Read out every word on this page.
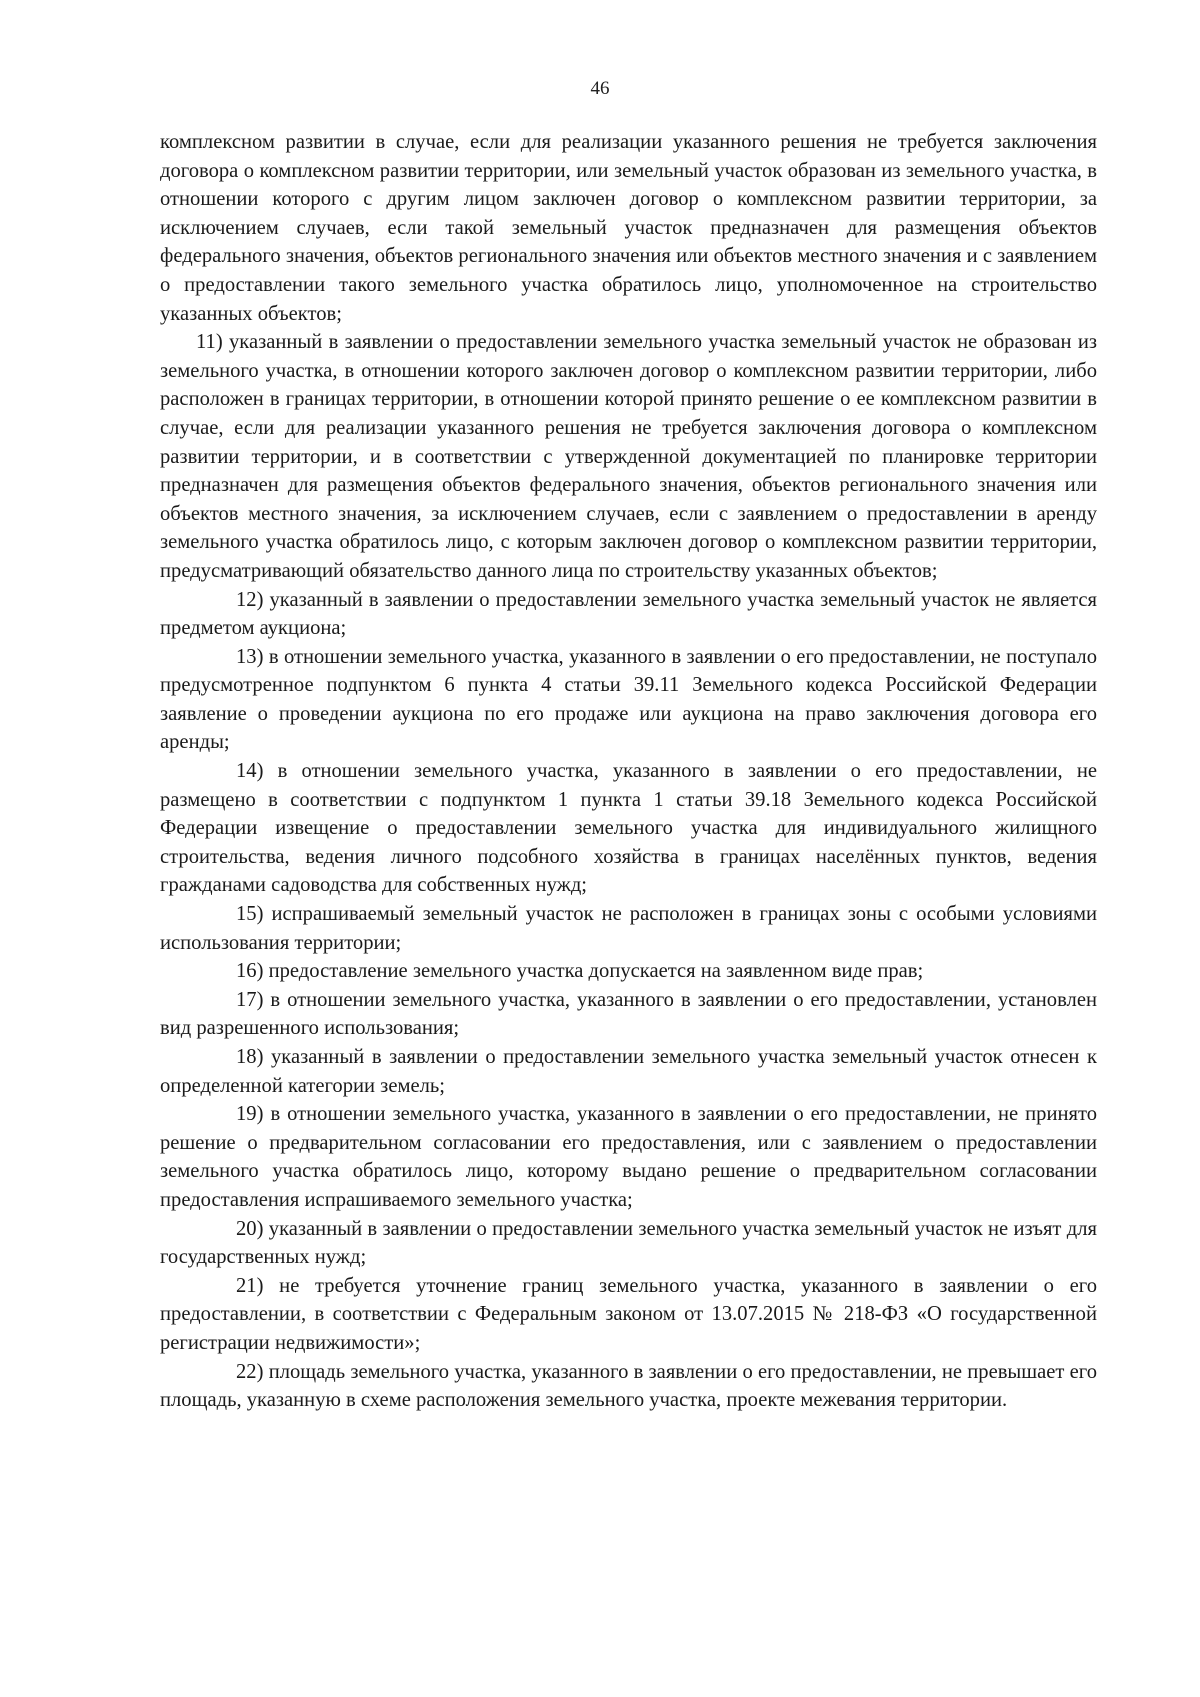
46

комплексном развитии в случае, если для реализации указанного решения не требуется заключения договора о комплексном развитии территории, или земельный участок образован из земельного участка, в отношении которого с другим лицом заключен договор о комплексном развитии территории, за исключением случаев, если такой земельный участок предназначен для размещения объектов федерального значения, объектов регионального значения или объектов местного значения и с заявлением о предоставлении такого земельного участка обратилось лицо, уполномоченное на строительство указанных объектов;

11) указанный в заявлении о предоставлении земельного участка земельный участок не образован из земельного участка, в отношении которого заключен договор о комплексном развитии территории, либо расположен в границах территории, в отношении которой принято решение о ее комплексном развитии в случае, если для реализации указанного решения не требуется заключения договора о комплексном развитии территории, и в соответствии с утвержденной документацией по планировке территории предназначен для размещения объектов федерального значения, объектов регионального значения или объектов местного значения, за исключением случаев, если с заявлением о предоставлении в аренду земельного участка обратилось лицо, с которым заключен договор о комплексном развитии территории, предусматривающий обязательство данного лица по строительству указанных объектов;

12) указанный в заявлении о предоставлении земельного участка земельный участок не является предметом аукциона;

13) в отношении земельного участка, указанного в заявлении о его предоставлении, не поступало предусмотренное подпунктом 6 пункта 4 статьи 39.11 Земельного кодекса Российской Федерации заявление о проведении аукциона по его продаже или аукциона на право заключения договора его аренды;

14) в отношении земельного участка, указанного в заявлении о его предоставлении, не размещено в соответствии с подпунктом 1 пункта 1 статьи 39.18 Земельного кодекса Российской Федерации извещение о предоставлении земельного участка для индивидуального жилищного строительства, ведения личного подсобного хозяйства в границах населённых пунктов, ведения гражданами садоводства для собственных нужд;

15) испрашиваемый земельный участок не расположен в границах зоны с особыми условиями использования территории;

16) предоставление земельного участка допускается на заявленном виде прав;

17) в отношении земельного участка, указанного в заявлении о его предоставлении, установлен вид разрешенного использования;

18) указанный в заявлении о предоставлении земельного участка земельный участок отнесен к определенной категории земель;

19) в отношении земельного участка, указанного в заявлении о его предоставлении, не принято решение о предварительном согласовании его предоставления, или с заявлением о предоставлении земельного участка обратилось лицо, которому выдано решение о предварительном согласовании предоставления испрашиваемого земельного участка;

20) указанный в заявлении о предоставлении земельного участка земельный участок не изъят для государственных нужд;

21) не требуется уточнение границ земельного участка, указанного в заявлении о его предоставлении, в соответствии с Федеральным законом от 13.07.2015 № 218-ФЗ «О государственной регистрации недвижимости»;

22) площадь земельного участка, указанного в заявлении о его предоставлении, не превышает его площадь, указанную в схеме расположения земельного участка, проекте межевания территории.
